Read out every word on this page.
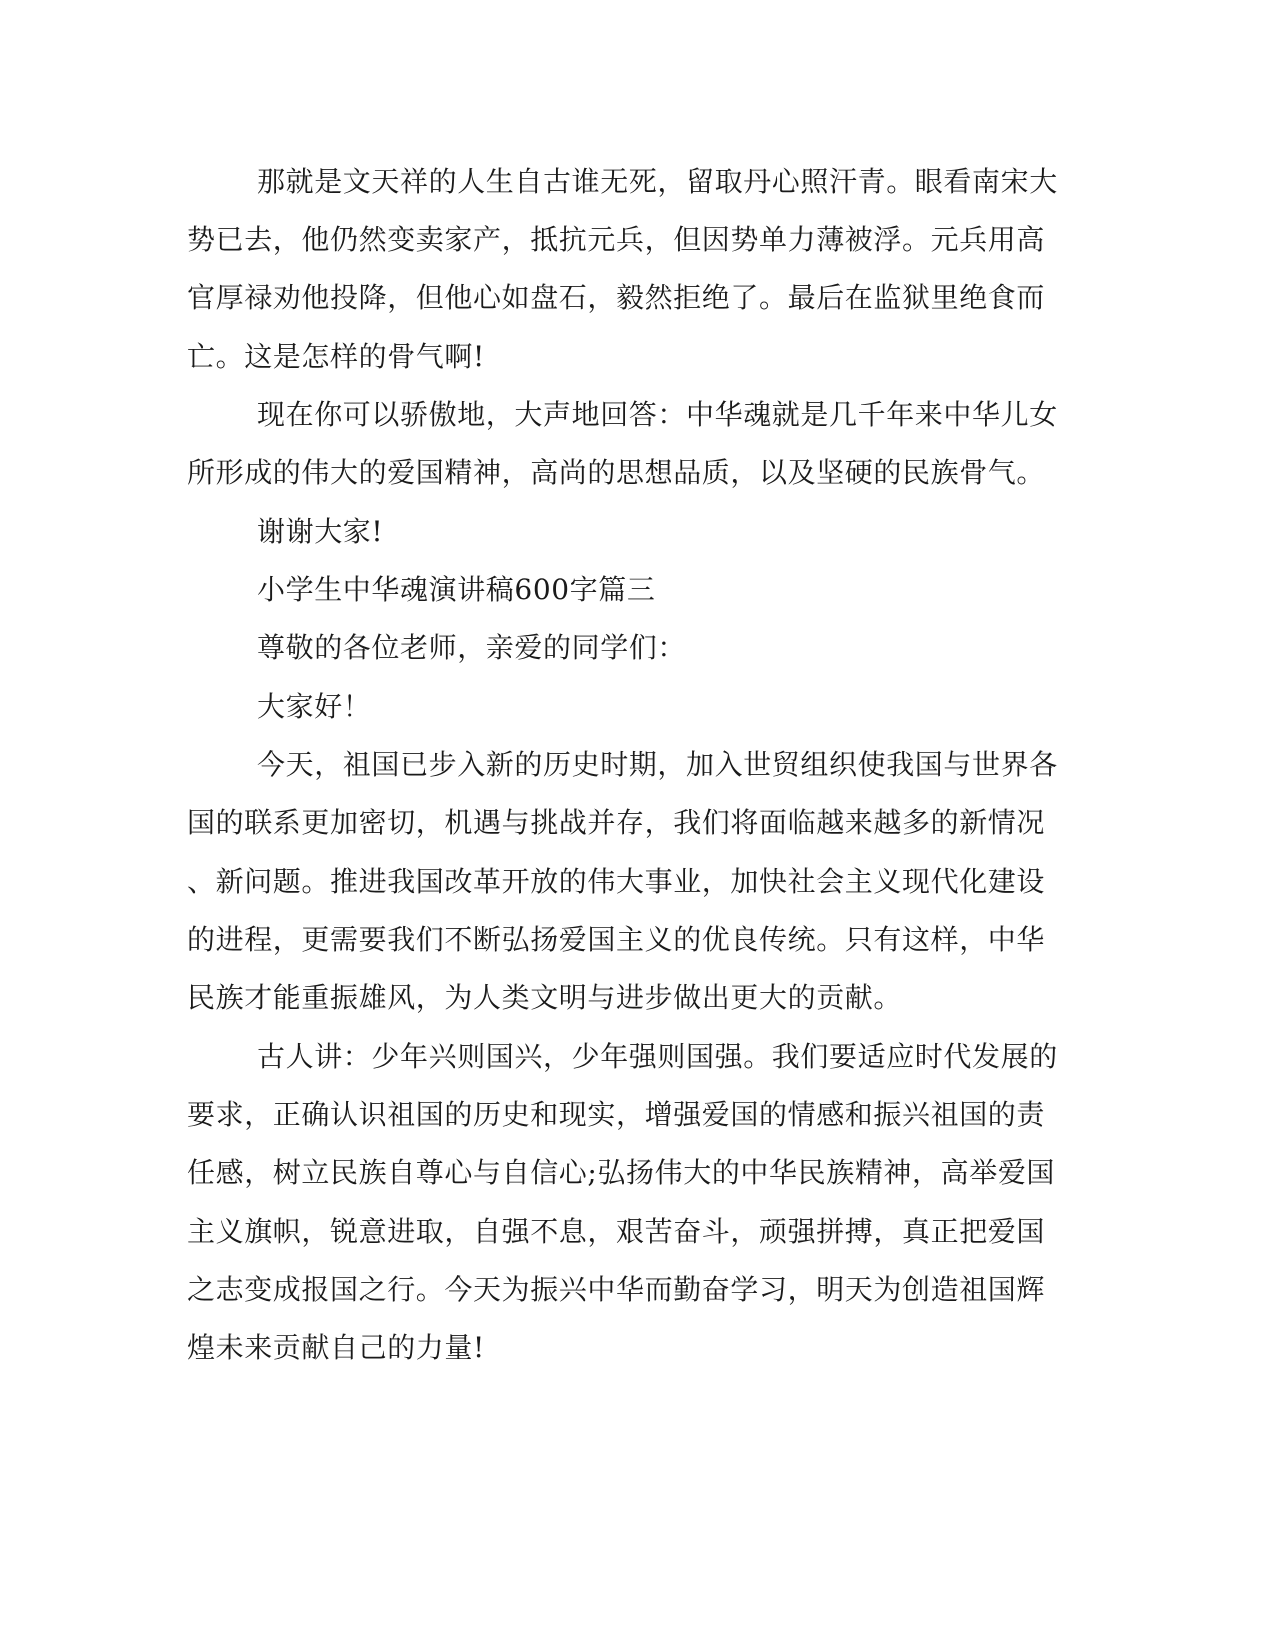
那就是文天祥的人生自古谁无死，留取丹心照汗青。眼看南宋大
势已去，他仍然变卖家产，抵抗元兵，但因势单力薄被浮。元兵用高
官厚禄劝他投降，但他心如盘石，毅然拒绝了。最后在监狱里绝食而
亡。这是怎样的骨气啊!
现在你可以骄傲地，大声地回答：中华魂就是几千年来中华儿女
所形成的伟大的爱国精神，高尚的思想品质，以及坚硬的民族骨气。
谢谢大家!
小学生中华魂演讲稿600字篇三
尊敬的各位老师，亲爱的同学们：
大家好！
今天，祖国已步入新的历史时期，加入世贸组织使我国与世界各
国的联系更加密切，机遇与挑战并存，我们将面临越来越多的新情况
、新问题。推进我国改革开放的伟大事业，加快社会主义现代化建设
的进程，更需要我们不断弘扬爱国主义的优良传统。只有这样，中华
民族才能重振雄风，为人类文明与进步做出更大的贡献。
古人讲：少年兴则国兴，少年强则国强。我们要适应时代发展的
要求，正确认识祖国的历史和现实，增强爱国的情感和振兴祖国的责
任感，树立民族自尊心与自信心;弘扬伟大的中华民族精神，高举爱国
主义旗帜，锐意进取，自强不息，艰苦奋斗，顽强拼搏，真正把爱国
之志变成报国之行。今天为振兴中华而勤奋学习，明天为创造祖国辉
煌未来贡献自己的力量!
